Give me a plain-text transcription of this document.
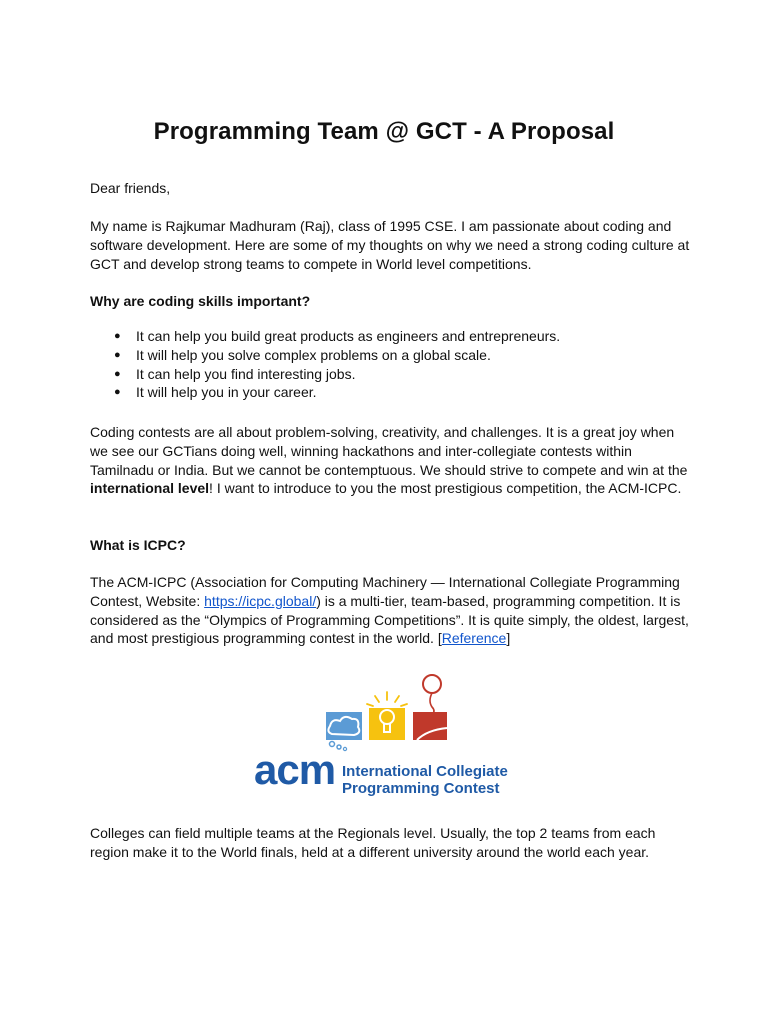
Programming Team @ GCT - A Proposal

Dear friends,

My name is Rajkumar Madhuram (Raj), class of 1995 CSE. I am passionate about coding and software development. Here are some of my thoughts on why we need a strong coding culture at GCT and develop strong teams to compete in World level competitions.

Why are coding skills important?

● It can help you build great products as engineers and entrepreneurs.
● It will help you solve complex problems on a global scale.
● It can help you find interesting jobs.
● It will help you in your career.

Coding contests are all about problem-solving, creativity, and challenges. It is a great joy when we see our GCTians doing well, winning hackathons and inter-collegiate contests within Tamilnadu or India. But we cannot be contemptuous. We should strive to compete and win at the international level! I want to introduce to you the most prestigious competition, the ACM-ICPC.

What is ICPC?

The ACM-ICPC (Association for Computing Machinery — International Collegiate Programming Contest, Website: https://icpc.global/) is a multi-tier, team-based, programming competition. It is considered as the “Olympics of Programming Competitions”. It is quite simply, the oldest, largest, and most prestigious programming contest in the world. [Reference]

acm International Collegiate
Programming Contest

Colleges can field multiple teams at the Regionals level. Usually, the top 2 teams from each region make it to the World finals, held at a different university around the world each year.
